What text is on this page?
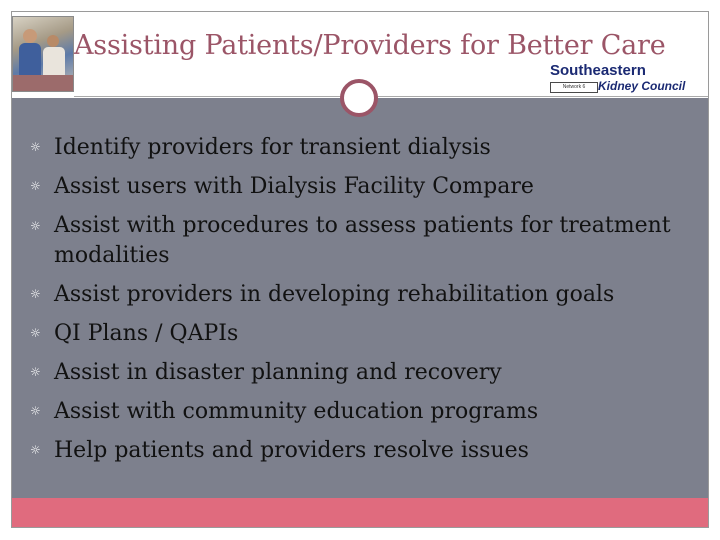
Assisting Patients/Providers for Better Care
Southeastern
Network 6	Kidney Council
☼ Identify providers for transient dialysis
☼ Assist users with Dialysis Facility Compare
☼ Assist with procedures to assess patients for treatment modalities
☼ Assist providers in developing rehabilitation goals
☼ QI Plans / QAPIs
☼ Assist in disaster planning and recovery
☼ Assist with community education programs
☼ Help patients and providers resolve issues
